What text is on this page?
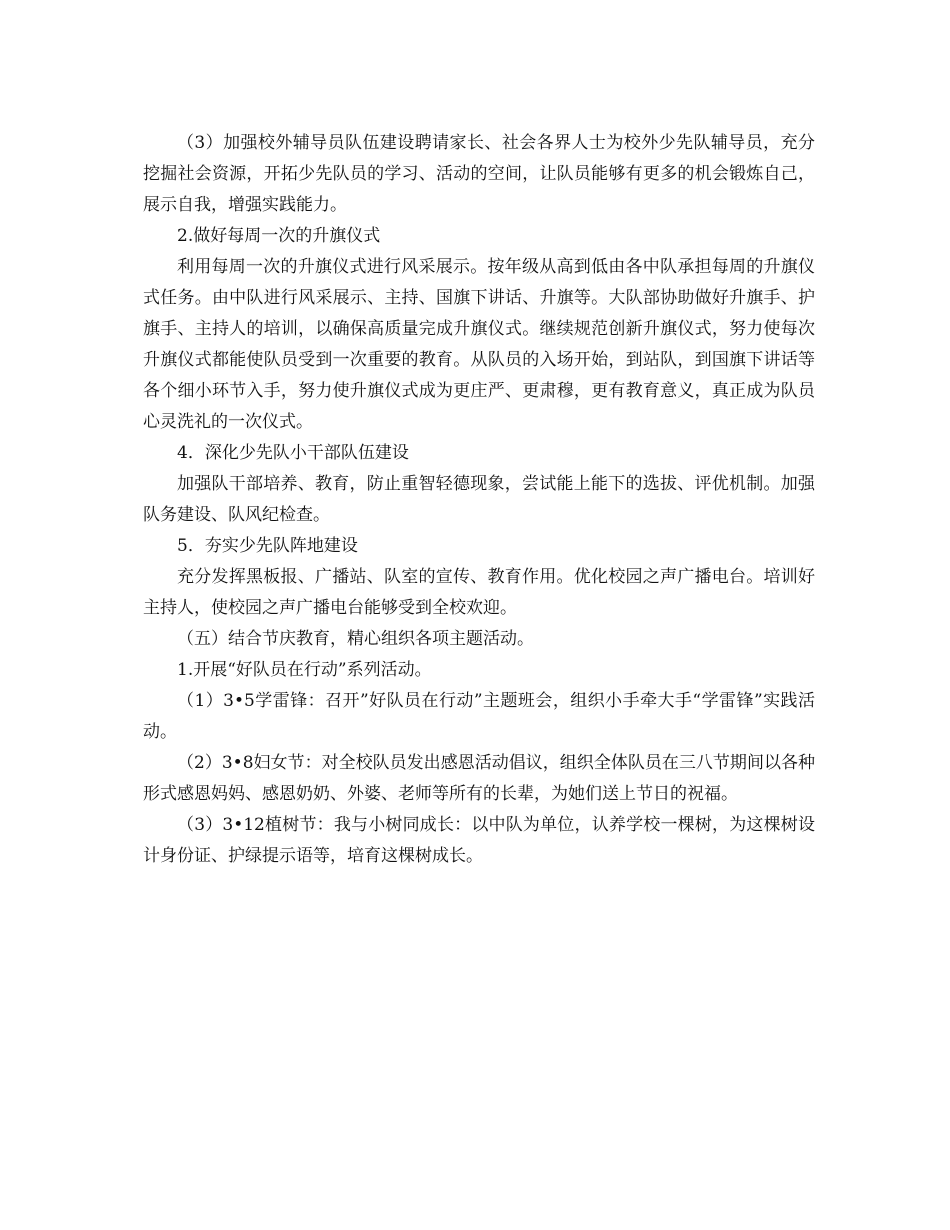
（3）加强校外辅导员队伍建设聘请家长、社会各界人士为校外少先队辅导员，充分挖掘社会资源，开拓少先队员的学习、活动的空间，让队员能够有更多的机会锻炼自己，展示自我，增强实践能力。

2.做好每周一次的升旗仪式

利用每周一次的升旗仪式进行风采展示。按年级从高到低由各中队承担每周的升旗仪式任务。由中队进行风采展示、主持、国旗下讲话、升旗等。大队部协助做好升旗手、护旗手、主持人的培训，以确保高质量完成升旗仪式。继续规范创新升旗仪式，努力使每次升旗仪式都能使队员受到一次重要的教育。从队员的入场开始，到站队，到国旗下讲话等各个细小环节入手，努力使升旗仪式成为更庄严、更肃穆，更有教育意义，真正成为队员心灵洗礼的一次仪式。

4．深化少先队小干部队伍建设

加强队干部培养、教育，防止重智轻德现象，尝试能上能下的选拔、评优机制。加强队务建设、队风纪检查。

5．夯实少先队阵地建设

充分发挥黑板报、广播站、队室的宣传、教育作用。优化校园之声广播电台。培训好主持人，使校园之声广播电台能够受到全校欢迎。

（五）结合节庆教育，精心组织各项主题活动。

1.开展“好队员在行动”系列活动。

（1）3•5学雷锋：召开”好队员在行动”主题班会，组织小手牵大手“学雷锋”实践活动。

（2）3•8妇女节：对全校队员发出感恩活动倡议，组织全体队员在三八节期间以各种形式感恩妈妈、感恩奶奶、外婆、老师等所有的长辈，为她们送上节日的祝福。

（3）3•12植树节：我与小树同成长：以中队为单位，认养学校一棵树，为这棵树设计身份证、护绿提示语等，培育这棵树成长。
